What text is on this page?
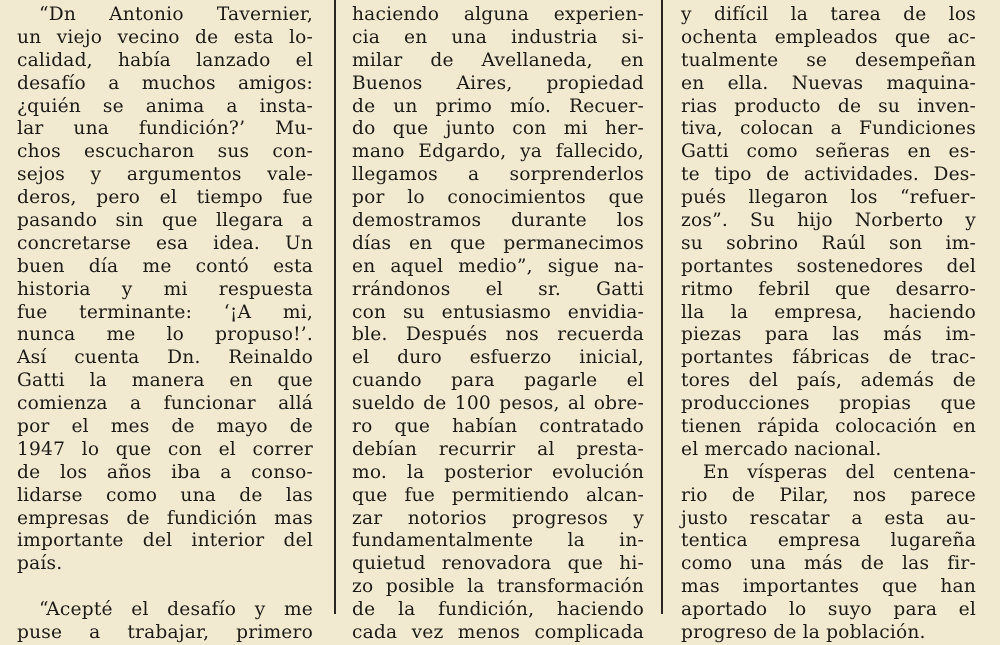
“Dn Antonio Tavernier,
un viejo vecino de esta lo-
calidad, había lanzado el
desafío a muchos amigos:
¿quién se anima a insta-
lar una fundición?’ Mu-
chos escucharon sus con-
sejos y argumentos vale-
deros, pero el tiempo fue
pasando sin que llegara a
concretarse esa idea. Un
buen día me contó esta
historia y mi respuesta
fue terminante: ‘¡A mi,
nunca me lo propuso!’.
Así cuenta Dn. Reinaldo
Gatti la manera en que
comienza a funcionar allá
por el mes de mayo de
1947 lo que con el correr
de los años iba a conso-
lidarse como una de las
empresas de fundición mas
importante del interior del
país.
“Acepté el desafío y me
puse a trabajar, primero
haciendo alguna experien-
cia en una industria si-
milar de Avellaneda, en
Buenos Aires, propiedad
de un primo mío. Recuer-
do que junto con mi her-
mano Edgardo, ya fallecido,
llegamos a sorprenderlos
por lo conocimientos que
demostramos durante los
días en que permanecimos
en aquel medio”, sigue na-
rrándonos el sr. Gatti
con su entusiasmo envidia-
ble. Después nos recuerda
el duro esfuerzo inicial,
cuando para pagarle el
sueldo de 100 pesos, al obre-
ro que habían contratado
debían recurrir al presta-
mo. la posterior evolución
que fue permitiendo alcan-
zar notorios progresos y
fundamentalmente la in-
quietud renovadora que hi-
zo posible la transformación
de la fundición, haciendo
cada vez menos complicada
y difícil la tarea de los
ochenta empleados que ac-
tualmente se desempeñan
en ella. Nuevas maquina-
rias producto de su inven-
tiva, colocan a Fundiciones
Gatti como señeras en es-
te tipo de actividades. Des-
pués llegaron los “refuer-
zos”. Su hijo Norberto y
su sobrino Raúl son im-
portantes sostenedores del
ritmo febril que desarro-
lla la empresa, haciendo
piezas para las más im-
portantes fábricas de trac-
tores del país, además de
producciones propias que
tienen rápida colocación en
el mercado nacional.
En vísperas del centena-
rio de Pilar, nos parece
justo rescatar a esta au-
tentica empresa lugareña
como una más de las fir-
mas importantes que han
aportado lo suyo para el
progreso de la población.
